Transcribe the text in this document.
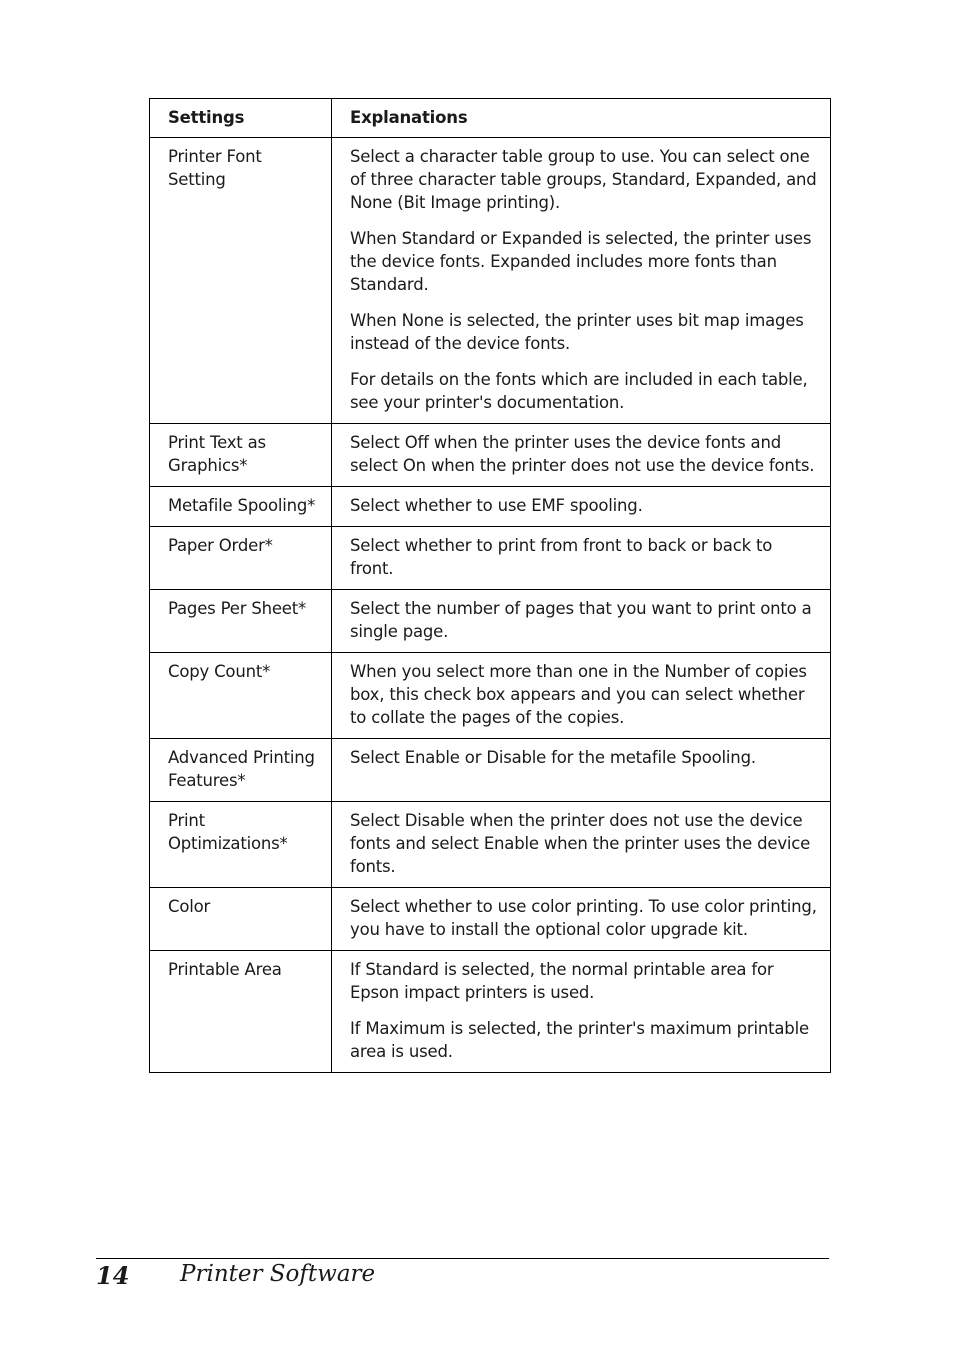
Settings	Explanations
Printer Font Setting	Select a character table group to use. You can select one of three character table groups, Standard, Expanded, and None (Bit Image printing).

When Standard or Expanded is selected, the printer uses the device fonts. Expanded includes more fonts than Standard.

When None is selected, the printer uses bit map images instead of the device fonts.

For details on the fonts which are included in each table, see your printer's documentation.

Print Text as Graphics*	Select Off when the printer uses the device fonts and select On when the printer does not use the device fonts.

Metafile Spooling*	Select whether to use EMF spooling.

Paper Order*	Select whether to print from front to back or back to front.

Pages Per Sheet*	Select the number of pages that you want to print onto a single page.

Copy Count*	When you select more than one in the Number of copies box, this check box appears and you can select whether to collate the pages of the copies.

Advanced Printing Features*	Select Enable or Disable for the metafile Spooling.

Print Optimizations*	Select Disable when the printer does not use the device fonts and select Enable when the printer uses the device fonts.

Color	Select whether to use color printing. To use color printing, you have to install the optional color upgrade kit.

Printable Area	If Standard is selected, the normal printable area for Epson impact printers is used.

If Maximum is selected, the printer's maximum printable area is used.

14 Printer Software
